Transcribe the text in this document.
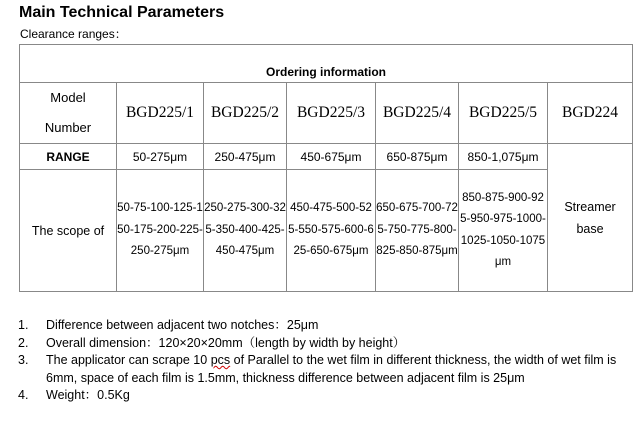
Main Technical Parameters
Clearance ranges：
Ordering information						

Model
Number	BGD225/1	BGD225/2	BGD225/3	BGD225/4	BGD225/5	BGD224
RANGE	50-275μm	250-475μm	450-675μm	650-875μm	850-1,075μm	Streamer
base

The scope of	50-75-100-125-150-175-200-225-250-275μm	250-275-300-325-350-400-425-450-475μm	450-475-500-525-550-575-600-625-650-675μm	650-675-700-725-750-775-800-825-850-875μm	850-875-900-925-950-975-1000-1025-1050-1075μm	
1. Difference between adjacent two notches：25μm
2. Overall dimension：120×20×20mm（length by width by height）
3. The applicator can scrape 10 pcs of Parallel to the wet film in different thickness, the width of wet film is 6mm, space of each film is 1.5mm, thickness difference between adjacent film is 25μm
4. Weight：0.5Kg
